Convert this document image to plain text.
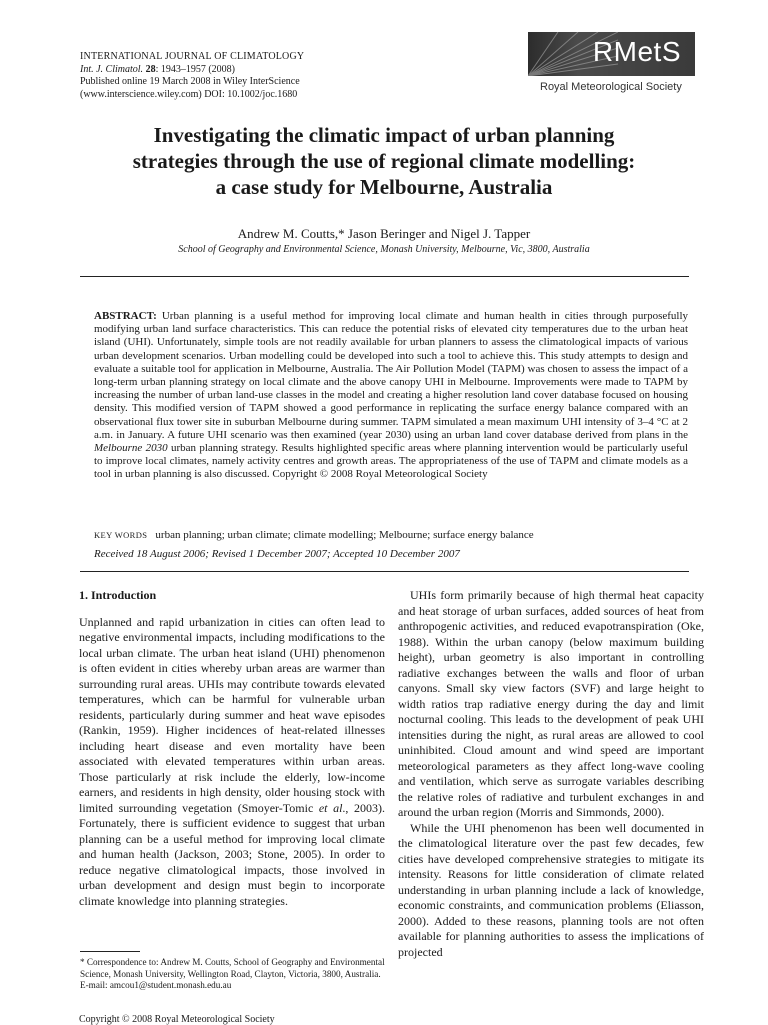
INTERNATIONAL JOURNAL OF CLIMATOLOGY
Int. J. Climatol. 28: 1943–1957 (2008)
Published online 19 March 2008 in Wiley InterScience
(www.interscience.wiley.com) DOI: 10.1002/joc.1680
RMetS
Royal Meteorological Society
Investigating the climatic impact of urban planning
strategies through the use of regional climate modelling:
a case study for Melbourne, Australia
Andrew M. Coutts,* Jason Beringer and Nigel J. Tapper
School of Geography and Environmental Science, Monash University, Melbourne, Vic, 3800, Australia
ABSTRACT: Urban planning is a useful method for improving local climate and human health in cities through purposefully modifying urban land surface characteristics. This can reduce the potential risks of elevated city temperatures due to the urban heat island (UHI). Unfortunately, simple tools are not readily available for urban planners to assess the climatological impacts of various urban development scenarios. Urban modelling could be developed into such a tool to achieve this. This study attempts to design and evaluate a suitable tool for application in Melbourne, Australia. The Air Pollution Model (TAPM) was chosen to assess the impact of a long-term urban planning strategy on local climate and the above canopy UHI in Melbourne. Improvements were made to TAPM by increasing the number of urban land-use classes in the model and creating a higher resolution land cover database focused on housing density. This modified version of TAPM showed a good performance in replicating the surface energy balance compared with an observational flux tower site in suburban Melbourne during summer. TAPM simulated a mean maximum UHI intensity of 3–4 °C at 2 a.m. in January. A future UHI scenario was then examined (year 2030) using an urban land cover database derived from plans in the Melbourne 2030 urban planning strategy. Results highlighted specific areas where planning intervention would be particularly useful to improve local climates, namely activity centres and growth areas. The appropriateness of the use of TAPM and climate models as a tool in urban planning is also discussed. Copyright © 2008 Royal Meteorological Society
KEY WORDS urban planning; urban climate; climate modelling; Melbourne; surface energy balance
Received 18 August 2006; Revised 1 December 2007; Accepted 10 December 2007
1. Introduction

Unplanned and rapid urbanization in cities can often lead to negative environmental impacts, including modifications to the local urban climate. The urban heat island (UHI) phenomenon is often evident in cities whereby urban areas are warmer than surrounding rural areas. UHIs may contribute towards elevated temperatures, which can be harmful for vulnerable urban residents, particularly during summer and heat wave episodes (Rankin, 1959). Higher incidences of heat-related illnesses including heart disease and even mortality have been associated with elevated temperatures within urban areas. Those particularly at risk include the elderly, low-income earners, and residents in high density, older housing stock with limited surrounding vegetation (Smoyer-Tomic et al., 2003). Fortunately, there is sufficient evidence to suggest that urban planning can be a useful method for improving local climate and human health (Jackson, 2003; Stone, 2005). In order to reduce negative climatological impacts, those involved in urban development and design must begin to incorporate climate knowledge into planning strategies.

UHIs form primarily because of high thermal heat capacity and heat storage of urban surfaces, added sources of heat from anthropogenic activities, and reduced evapotranspiration (Oke, 1988). Within the urban canopy (below maximum building height), urban geometry is also important in controlling radiative exchanges between the walls and floor of urban canyons. Small sky view factors (SVF) and large height to width ratios trap radiative energy during the day and limit nocturnal cooling. This leads to the development of peak UHI intensities during the night, as rural areas are allowed to cool uninhibited. Cloud amount and wind speed are important meteorological parameters as they affect long-wave cooling and ventilation, which serve as surrogate variables describing the relative roles of radiative and turbulent exchanges in and around the urban region (Morris and Simmonds, 2000).

While the UHI phenomenon has been well documented in the climatological literature over the past few decades, few cities have developed comprehensive strategies to mitigate its intensity. Reasons for little consideration of climate related understanding in urban planning include a lack of knowledge, economic constraints, and communication problems (Eliasson, 2000). Added to these reasons, planning tools are not often available for planning authorities to assess the implications of projected

* Correspondence to: Andrew M. Coutts, School of Geography and Environmental Science, Monash University, Wellington Road, Clayton, Victoria, 3800, Australia. E-mail: amcou1@student.monash.edu.au
Copyright © 2008 Royal Meteorological Society
